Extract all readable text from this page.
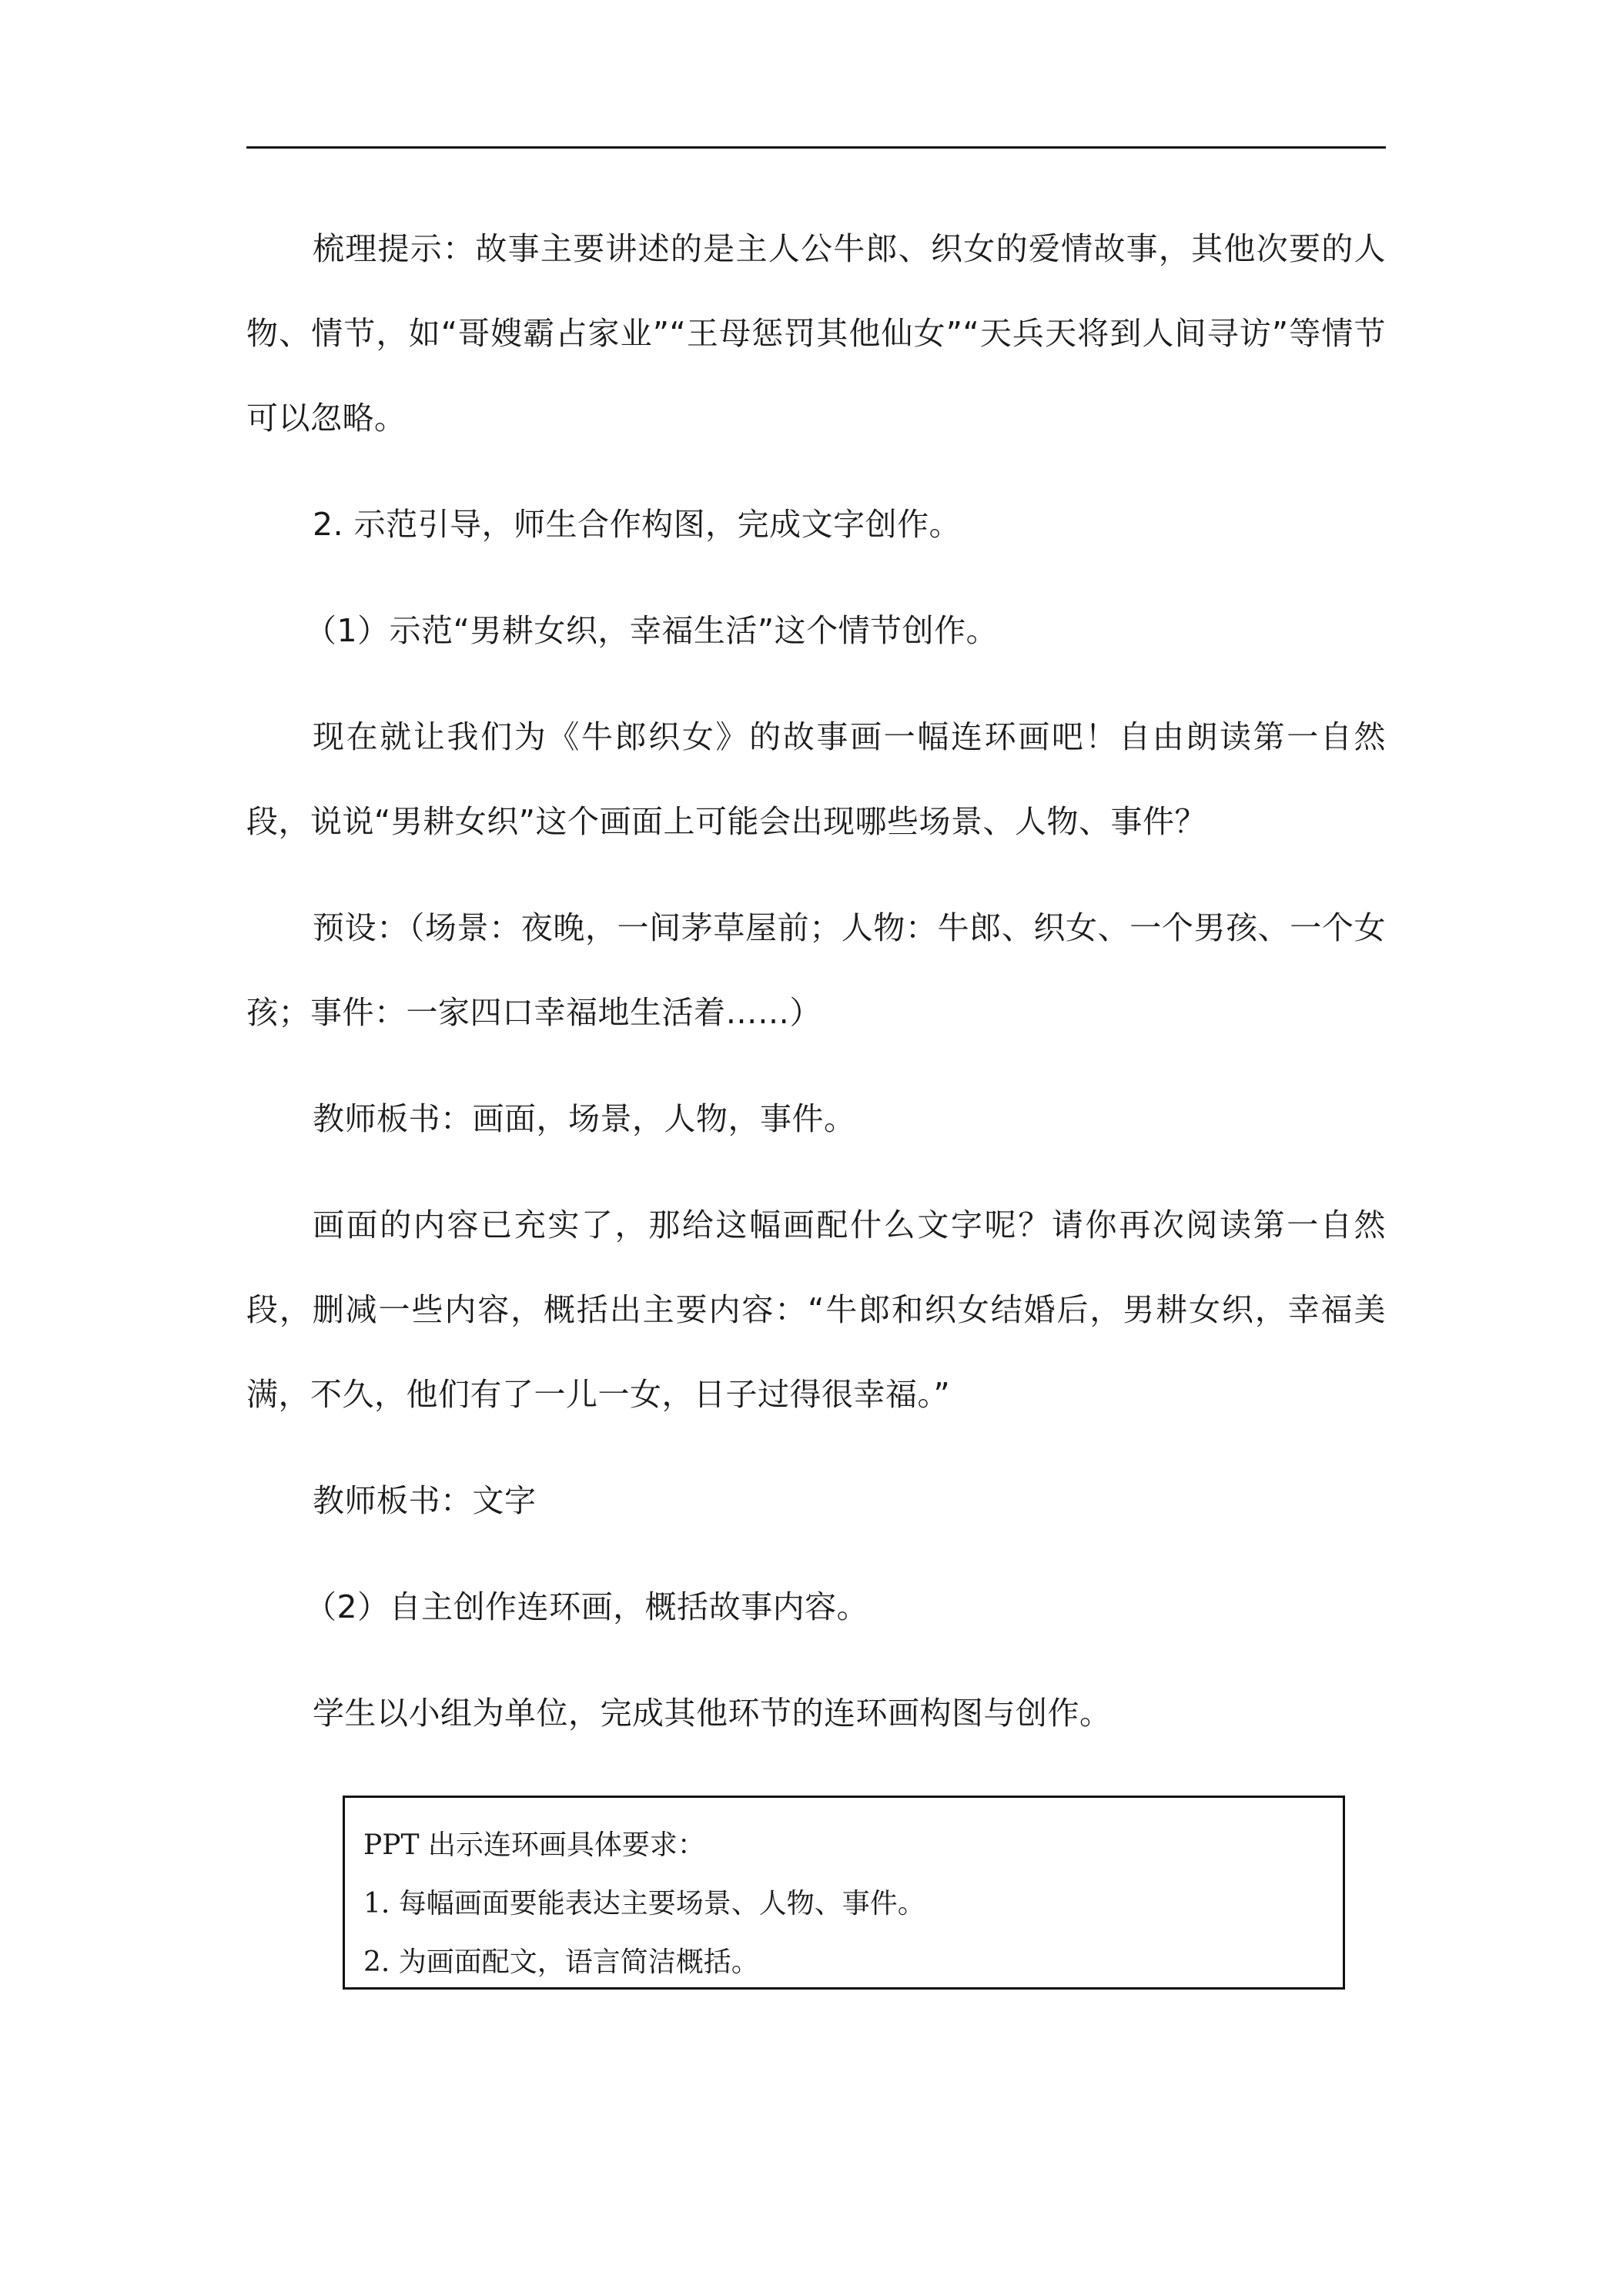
梳理提示：故事主要讲述的是主人公牛郎、织女的爱情故事，其他次要的人物、情节，如“哥嫂霸占家业”“王母惩罚其他仙女”“天兵天将到人间寻访”等情节可以忽略。

2. 示范引导，师生合作构图，完成文字创作。

（1）示范“男耕女织，幸福生活”这个情节创作。

现在就让我们为《牛郎织女》的故事画一幅连环画吧！自由朗读第一自然段，说说“男耕女织”这个画面上可能会出现哪些场景、人物、事件？

预设：（场景：夜晚，一间茅草屋前；人物：牛郎、织女、一个男孩、一个女孩；事件：一家四口幸福地生活着……）

教师板书：画面，场景，人物，事件。

画面的内容已充实了，那给这幅画配什么文字呢？请你再次阅读第一自然段，删减一些内容，概括出主要内容：“牛郎和织女结婚后，男耕女织，幸福美满，不久，他们有了一儿一女，日子过得很幸福。”

教师板书：文字

（2）自主创作连环画，概括故事内容。

学生以小组为单位，完成其他环节的连环画构图与创作。

PPT 出示连环画具体要求：
1. 每幅画面要能表达主要场景、人物、事件。
2. 为画面配文，语言简洁概括。
